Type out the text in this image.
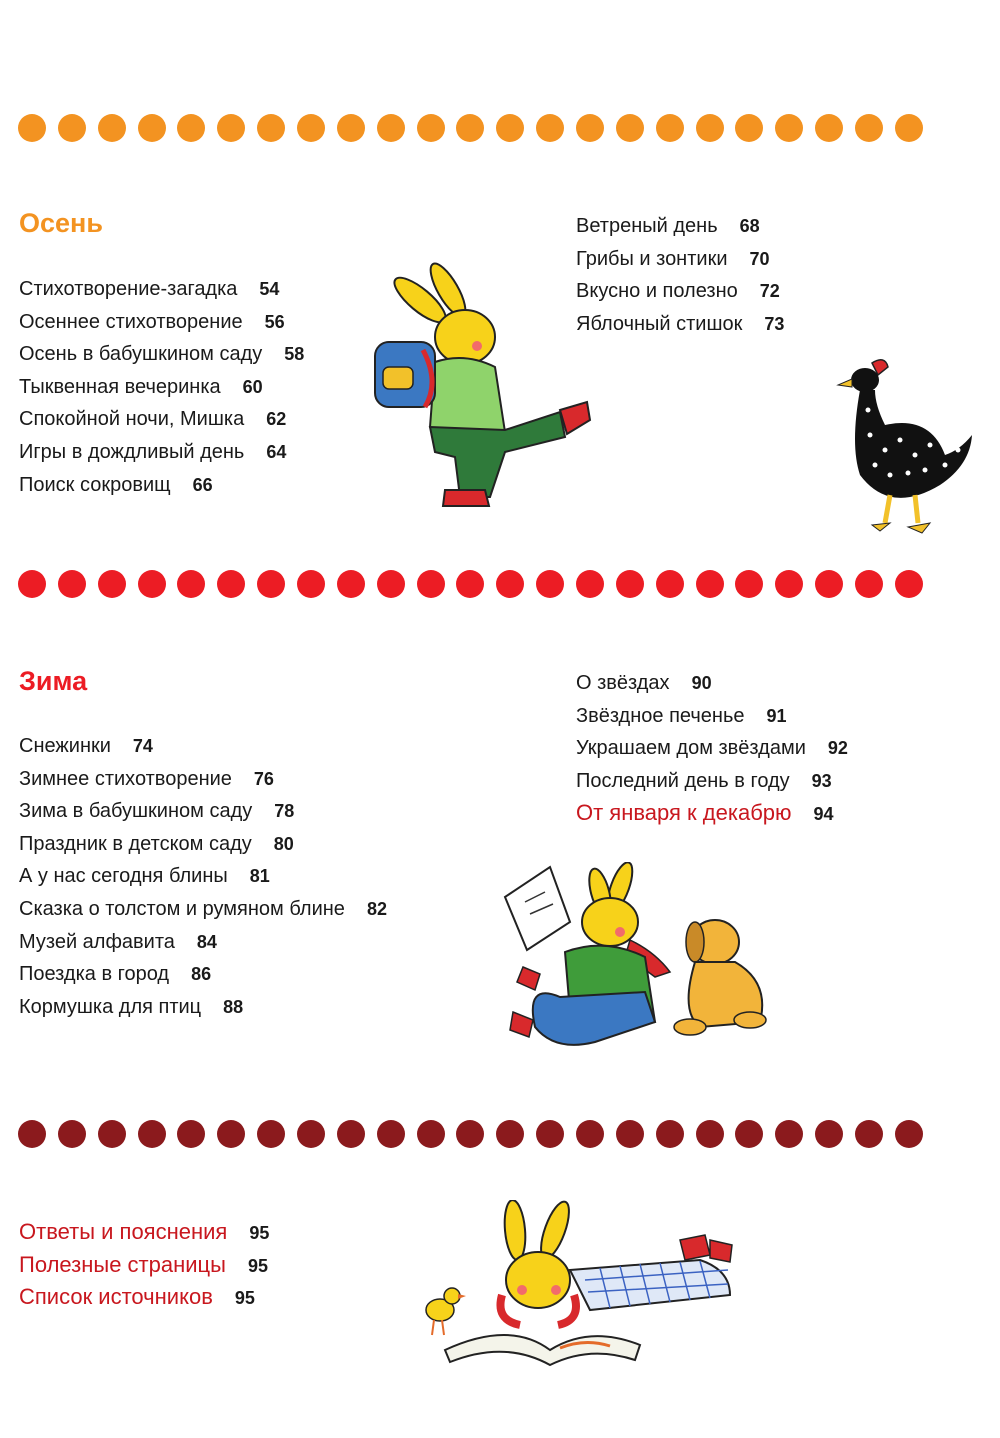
Осень
Стихотворение-загадка 54
Осеннее стихотворение 56
Осень в бабушкином саду 58
Тыквенная вечеринка 60
Спокойной ночи, Мишка 62
Игры в дождливый день 64
Поиск сокровищ 66
Ветреный день 68
Грибы и зонтики 70
Вкусно и полезно 72
Яблочный стишок 73
Зима
Снежинки 74
Зимнее стихотворение 76
Зима в бабушкином саду 78
Праздник в детском саду 80
А у нас сегодня блины 81
Сказка о толстом и румяном блине 82
Музей алфавита 84
Поездка в город 86
Кормушка для птиц 88
О звёздах 90
Звёздное печенье 91
Украшаем дом звёздами 92
Последний день в году 93
От января к декабрю 94
Ответы и пояснения 95
Полезные страницы 95
Список источников 95
